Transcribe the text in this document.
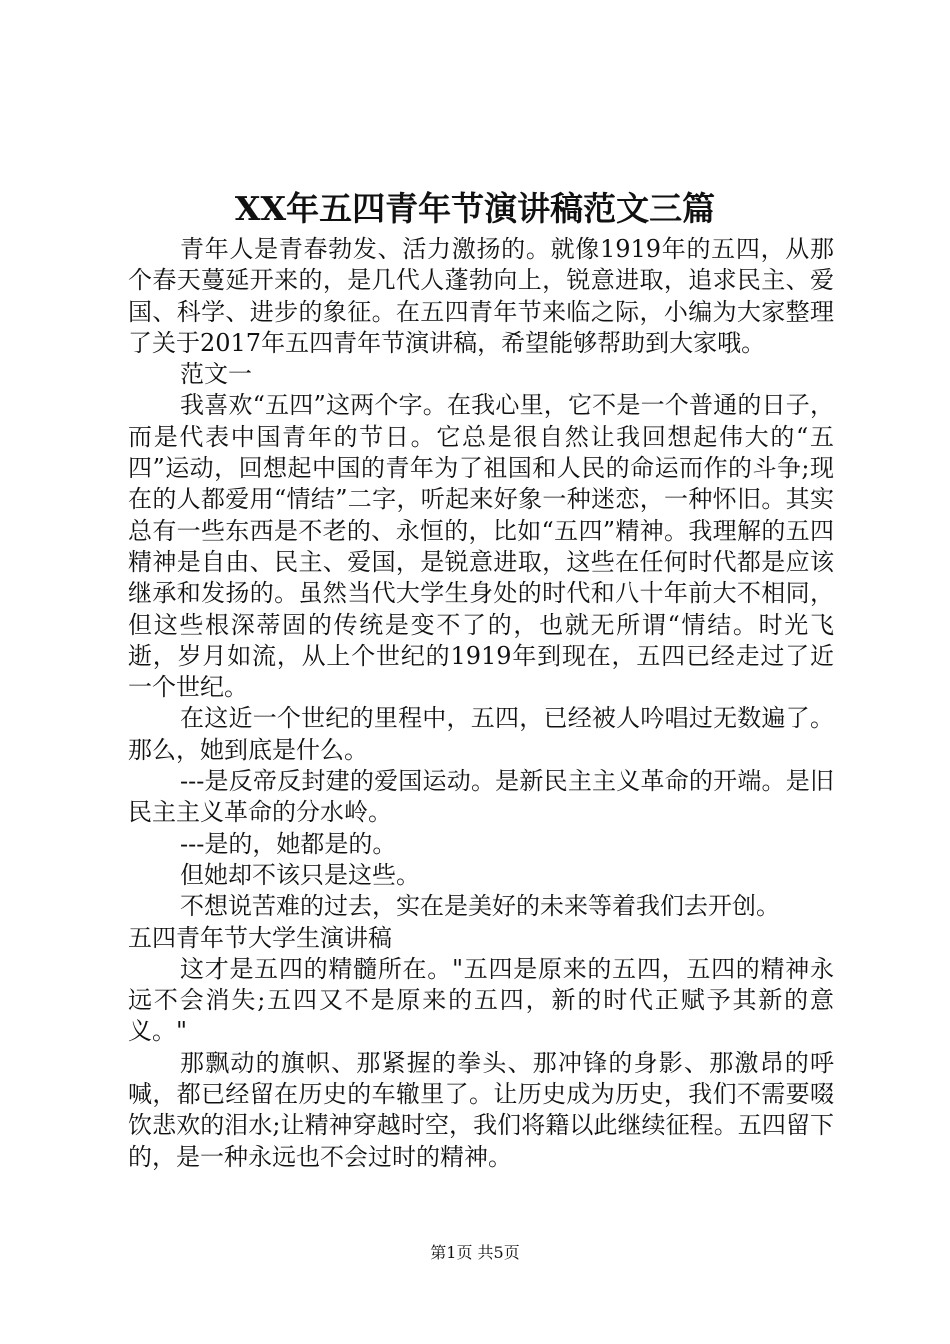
XX年五四青年节演讲稿范文三篇

青年人是青春勃发、活力激扬的。就像1919年的五四，从那个春天蔓延开来的，是几代人蓬勃向上，锐意进取，追求民主、爱国、科学、进步的象征。在五四青年节来临之际，小编为大家整理了关于2017年五四青年节演讲稿，希望能够帮助到大家哦。

范文一

我喜欢“五四”这两个字。在我心里，它不是一个普通的日子，而是代表中国青年的节日。它总是很自然让我回想起伟大的“五四”运动，回想起中国的青年为了祖国和人民的命运而作的斗争;现在的人都爱用“情结”二字，听起来好象一种迷恋，一种怀旧。其实总有一些东西是不老的、永恒的，比如“五四”精神。我理解的五四精神是自由、民主、爱国，是锐意进取，这些在任何时代都是应该继承和发扬的。虽然当代大学生身处的时代和八十年前大不相同，但这些根深蒂固的传统是变不了的，也就无所谓“情结。时光飞逝，岁月如流，从上个世纪的1919年到现在，五四已经走过了近一个世纪。

在这近一个世纪的里程中，五四，已经被人吟唱过无数遍了。那么，她到底是什么。

---是反帝反封建的爱国运动。是新民主主义革命的开端。是旧民主主义革命的分水岭。

---是的，她都是的。

但她却不该只是这些。

不想说苦难的过去，实在是美好的未来等着我们去开创。

五四青年节大学生演讲稿

这才是五四的精髓所在。"五四是原来的五四，五四的精神永远不会消失;五四又不是原来的五四，新的时代正赋予其新的意义。"

那飘动的旗帜、那紧握的拳头、那冲锋的身影、那激昂的呼喊，都已经留在历史的车辙里了。让历史成为历史，我们不需要啜饮悲欢的泪水;让精神穿越时空，我们将籍以此继续征程。五四留下的，是一种永远也不会过时的精神。

第1页 共5页
